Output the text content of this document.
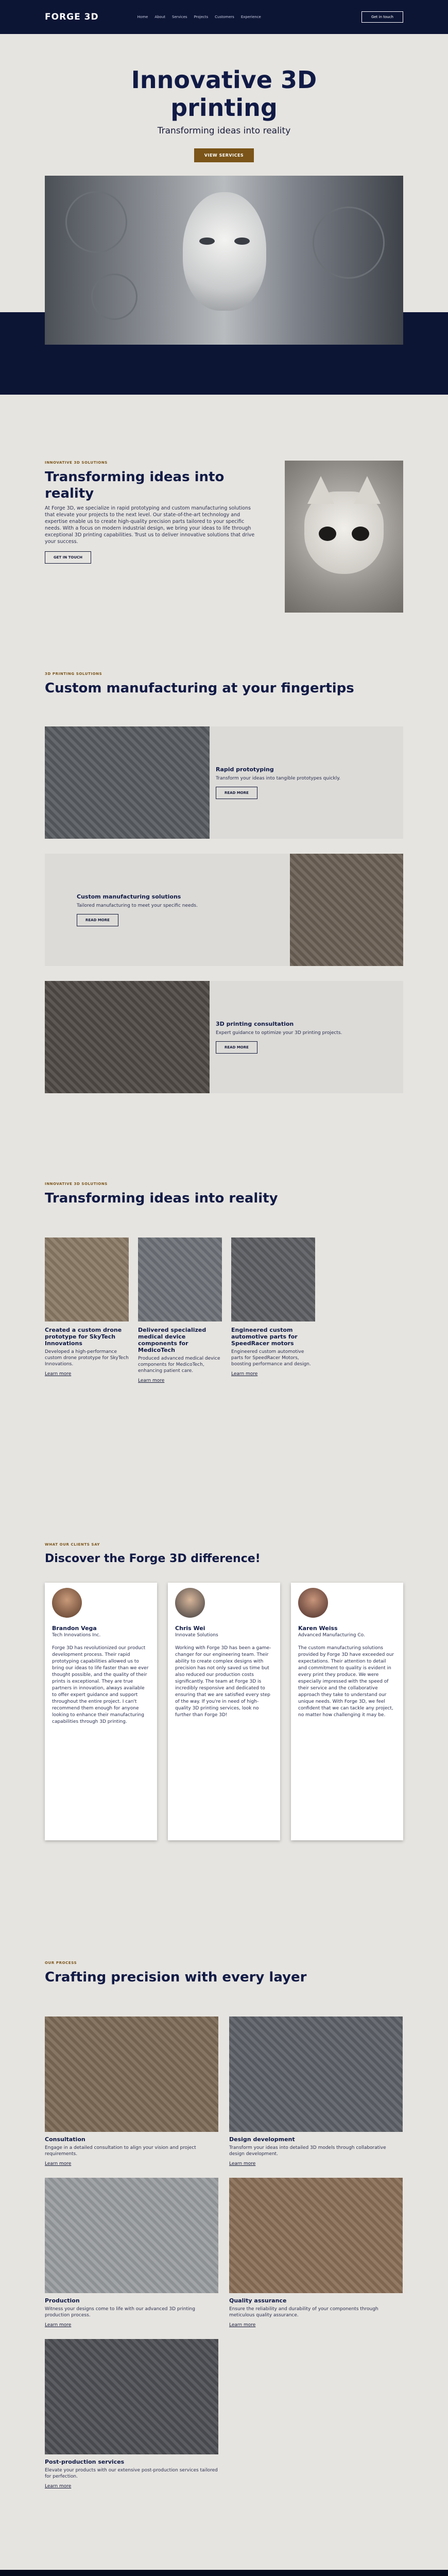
FORGE 3D	Home About Services Projects Customers Experience	Get in touch
Innovative 3D
printing
Transforming ideas into reality
VIEW SERVICES
INNOVATIVE 3D SOLUTIONS
Transforming ideas into reality
At Forge 3D, we specialize in rapid prototyping and custom manufacturing solutions that elevate your projects to the next level. Our state-of-the-art technology and expertise enable us to create high-quality precision parts tailored to your specific needs. With a focus on modern industrial design, we bring your ideas to life through exceptional 3D printing capabilities. Trust us to deliver innovative solutions that drive your success.
GET IN TOUCH
3D PRINTING SOLUTIONS
Custom manufacturing at your fingertips
Rapid prototyping
Transform your ideas into tangible prototypes quickly.
READ MORE
Custom manufacturing solutions
Tailored manufacturing to meet your specific needs.
READ MORE
3D printing consultation
Expert guidance to optimize your 3D printing projects.
READ MORE
INNOVATIVE 3D SOLUTIONS
Transforming ideas into reality
Created a custom drone prototype for SkyTech Innovations
Developed a high-performance custom drone prototype for SkyTech Innovations.
Learn more
Delivered specialized medical device components for MedicoTech
Produced advanced medical device components for MedicoTech, enhancing patient care.
Learn more
Engineered custom automotive parts for SpeedRacer motors
Engineered custom automotive parts for SpeedRacer Motors, boosting performance and design.
Learn more
WHAT OUR CLIENTS SAY
Discover the Forge 3D difference!
Brandon Vega
Tech Innovations Inc.
Forge 3D has revolutionized our product development process. Their rapid prototyping capabilities allowed us to bring our ideas to life faster than we ever thought possible, and the quality of their prints is exceptional. They are true partners in innovation, always available to offer expert guidance and support throughout the entire project. I can't recommend them enough for anyone looking to enhance their manufacturing capabilities through 3D printing.
Chris Wei
Innovate Solutions
Working with Forge 3D has been a game-changer for our engineering team. Their ability to create complex designs with precision has not only saved us time but also reduced our production costs significantly. The team at Forge 3D is incredibly responsive and dedicated to ensuring that we are satisfied every step of the way. If you're in need of high-quality 3D printing services, look no further than Forge 3D!
Karen Weiss
Advanced Manufacturing Co.
The custom manufacturing solutions provided by Forge 3D have exceeded our expectations. Their attention to detail and commitment to quality is evident in every print they produce. We were especially impressed with the speed of their service and the collaborative approach they take to understand our unique needs. With Forge 3D, we feel confident that we can tackle any project, no matter how challenging it may be.
OUR PROCESS
Crafting precision with every layer
Consultation
Engage in a detailed consultation to align your vision and project requirements.
Learn more
Design development
Transform your ideas into detailed 3D models through collaborative design development.
Learn more
Production
Witness your designs come to life with our advanced 3D printing production process.
Learn more
Quality assurance
Ensure the reliability and durability of your components through meticulous quality assurance.
Learn more
Post-production services
Elevate your products with our extensive post-production services tailored for perfection.
Learn more
